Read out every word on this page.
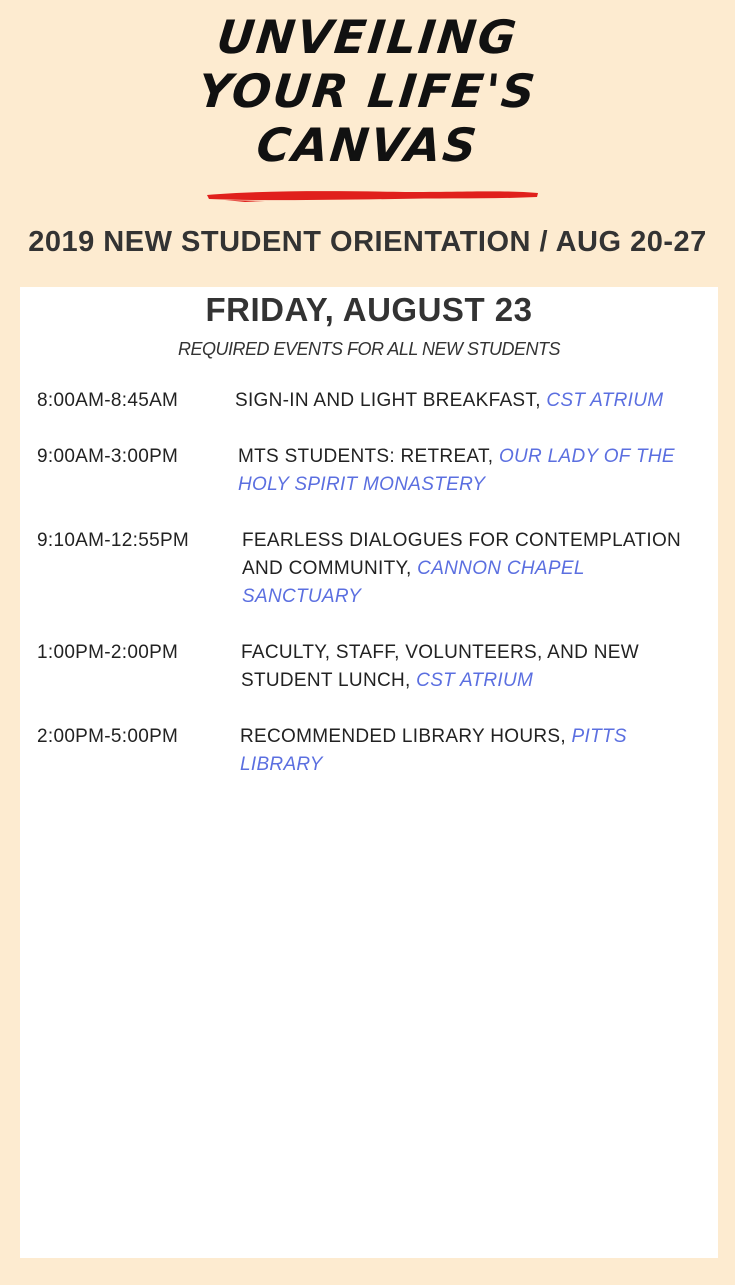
UNVEILING
YOUR LIFE'S
CANVAS
2019 NEW STUDENT ORIENTATION / AUG 20-27
FRIDAY, AUGUST 23
REQUIRED EVENTS FOR ALL NEW STUDENTS
8:00AM-8:45AM	SIGN-IN AND LIGHT BREAKFAST, CST ATRIUM
9:00AM-3:00PM	MTS STUDENTS: RETREAT, OUR LADY OF THE HOLY SPIRIT MONASTERY
9:10AM-12:55PM	FEARLESS DIALOGUES FOR CONTEMPLATION AND COMMUNITY, CANNON CHAPEL SANCTUARY
1:00PM-2:00PM	FACULTY, STAFF, VOLUNTEERS, AND NEW STUDENT LUNCH, CST ATRIUM
2:00PM-5:00PM	RECOMMENDED LIBRARY HOURS, PITTS LIBRARY
